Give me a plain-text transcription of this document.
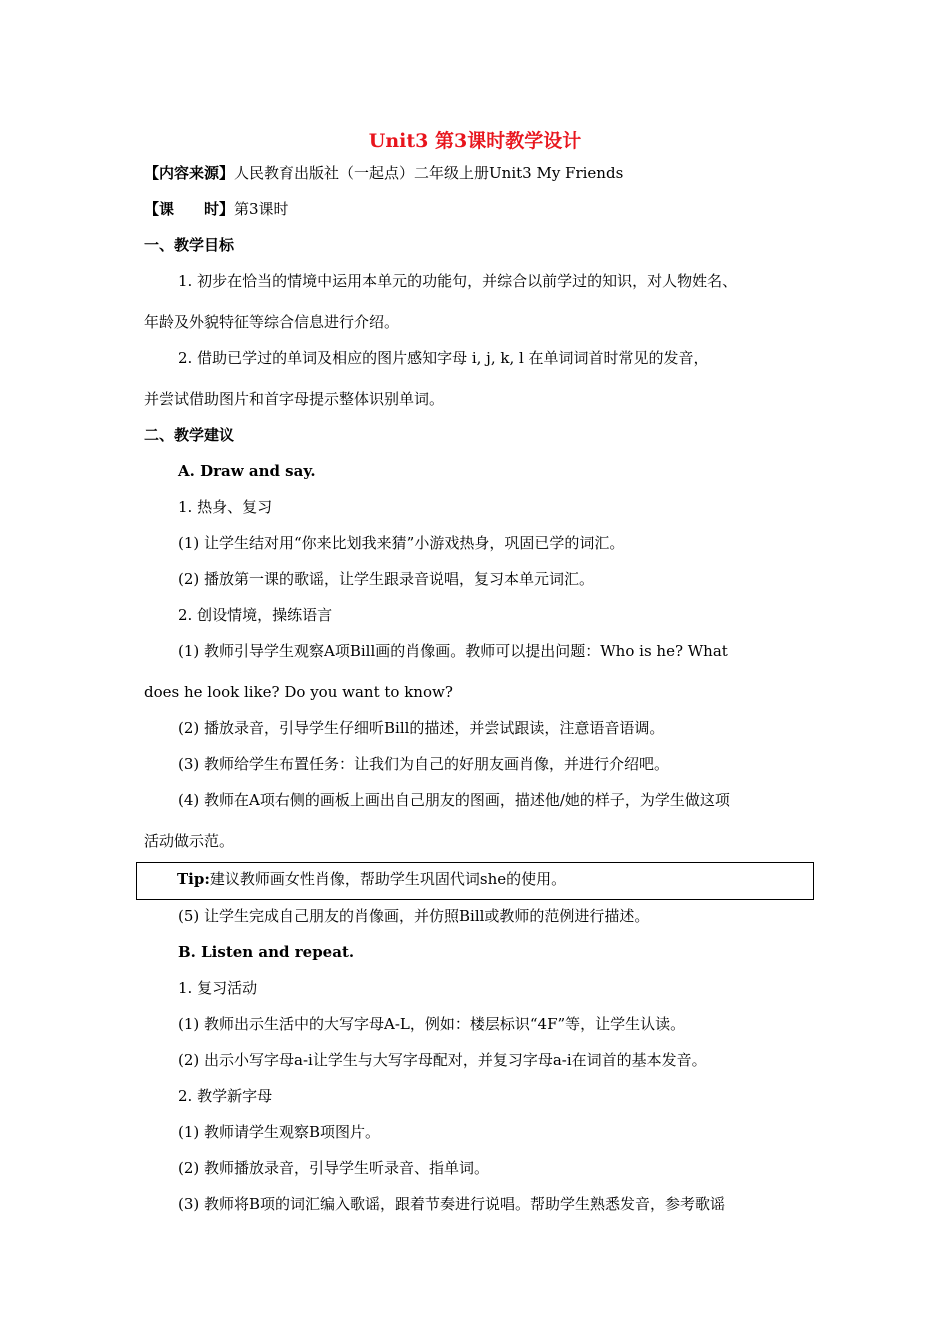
Unit3 第3课时教学设计
【内容来源】人民教育出版社（一起点）二年级上册Unit3 My Friends
【课　　时】第3课时
一、教学目标
1. 初步在恰当的情境中运用本单元的功能句，并综合以前学过的知识，对人物姓名、
年龄及外貌特征等综合信息进行介绍。
2. 借助已学过的单词及相应的图片感知字母 i, j, k, l 在单词词首时常见的发音，
并尝试借助图片和首字母提示整体识别单词。
二、教学建议
A. Draw and say.
1. 热身、复习
(1) 让学生结对用“你来比划我来猜”小游戏热身，巩固已学的词汇。
(2) 播放第一课的歌谣，让学生跟录音说唱，复习本单元词汇。
2. 创设情境，操练语言
(1) 教师引导学生观察A项Bill画的肖像画。教师可以提出问题：Who is he? What
does he look like? Do you want to know?
(2) 播放录音，引导学生仔细听Bill的描述，并尝试跟读，注意语音语调。
(3) 教师给学生布置任务：让我们为自己的好朋友画肖像，并进行介绍吧。
(4) 教师在A项右侧的画板上画出自己朋友的图画，描述他/她的样子，为学生做这项
活动做示范。
Tip:建议教师画女性肖像，帮助学生巩固代词she的使用。
(5) 让学生完成自己朋友的肖像画，并仿照Bill或教师的范例进行描述。
B. Listen and repeat.
1. 复习活动
(1) 教师出示生活中的大写字母A-L，例如：楼层标识“4F”等，让学生认读。
(2) 出示小写字母a-i让学生与大写字母配对，并复习字母a-i在词首的基本发音。
2. 教学新字母
(1) 教师请学生观察B项图片。
(2) 教师播放录音，引导学生听录音、指单词。
(3) 教师将B项的词汇编入歌谣，跟着节奏进行说唱。帮助学生熟悉发音，参考歌谣
